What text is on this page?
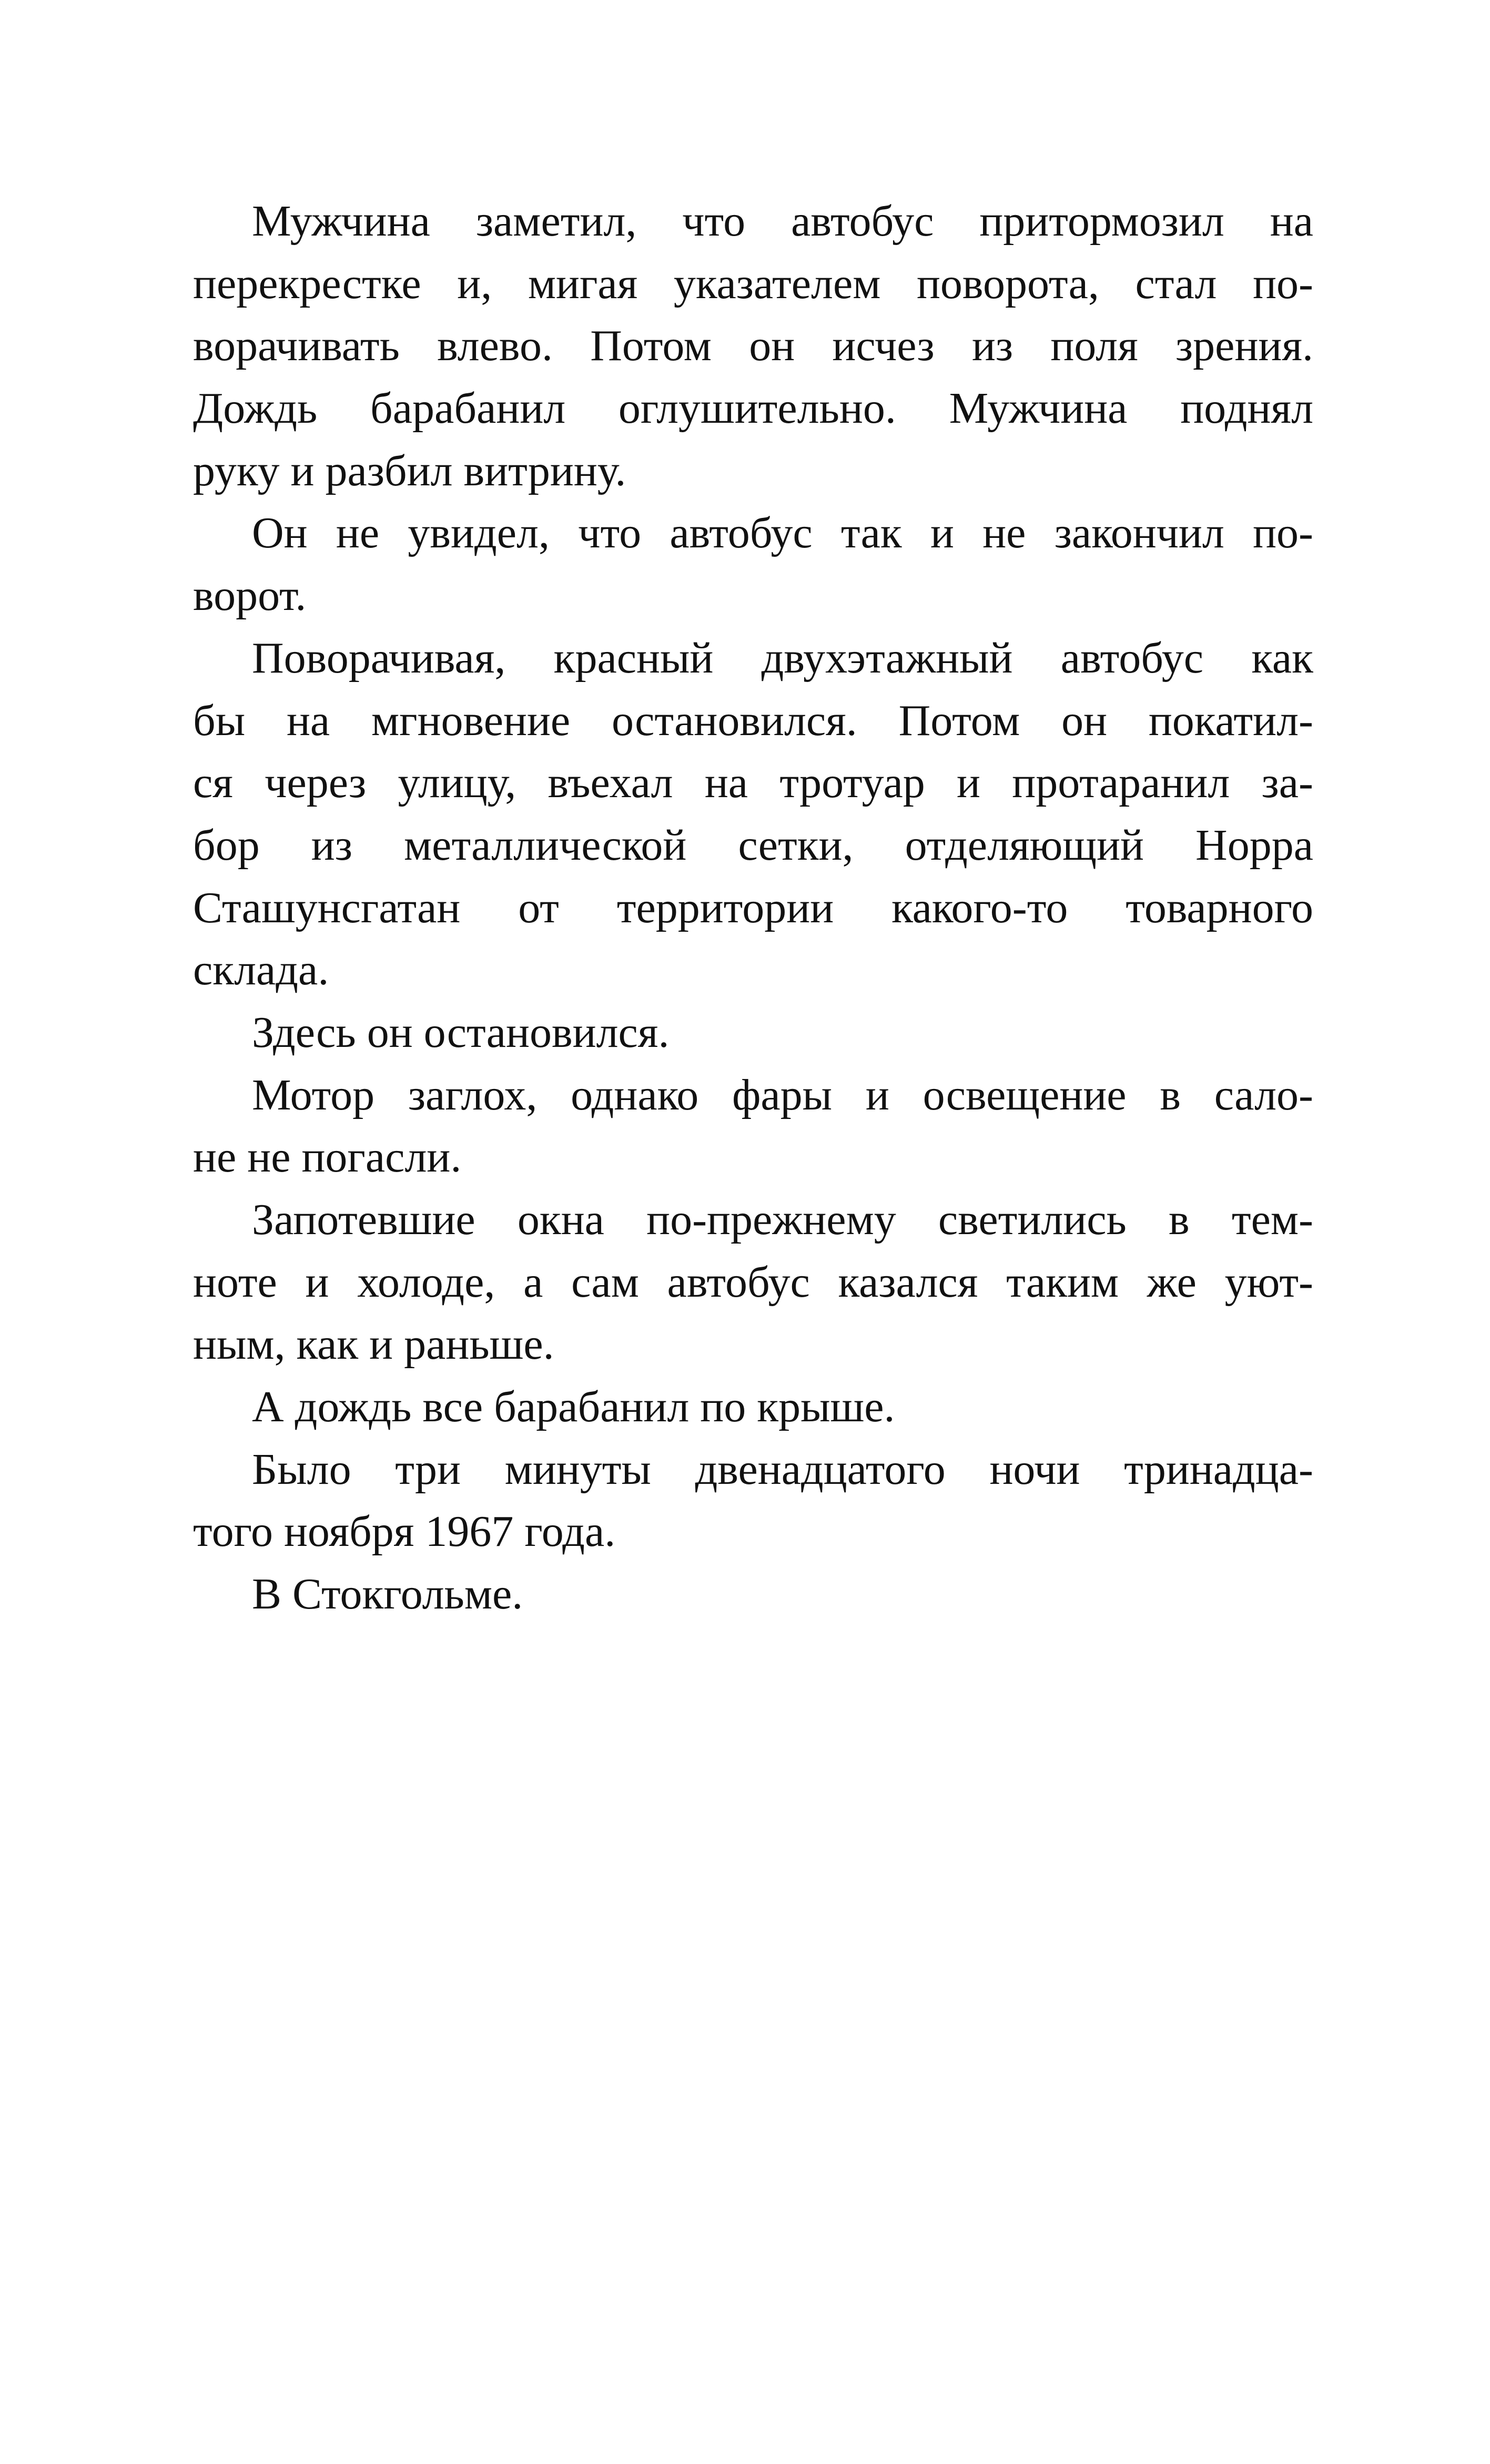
Мужчина заметил, что автобус притормозил на
перекрестке и, мигая указателем поворота, стал по-
ворачивать влево. Потом он исчез из поля зрения.
Дождь барабанил оглушительно. Мужчина поднял
руку и разбил витрину.
Он не увидел, что автобус так и не закончил по-
ворот.
Поворачивая, красный двухэтажный автобус как
бы на мгновение остановился. Потом он покатил-
ся через улицу, въехал на тротуар и протаранил за-
бор из металлической сетки, отделяющий Норра
Сташунсгатан от территории какого-то товарного
склада.
Здесь он остановился.
Мотор заглох, однако фары и освещение в сало-
не не погасли.
Запотевшие окна по-прежнему светились в тем-
ноте и холоде, а сам автобус казался таким же уют-
ным, как и раньше.
А дождь все барабанил по крыше.
Было три минуты двенадцатого ночи тринадца-
того ноября 1967 года.
В Стокгольме.
